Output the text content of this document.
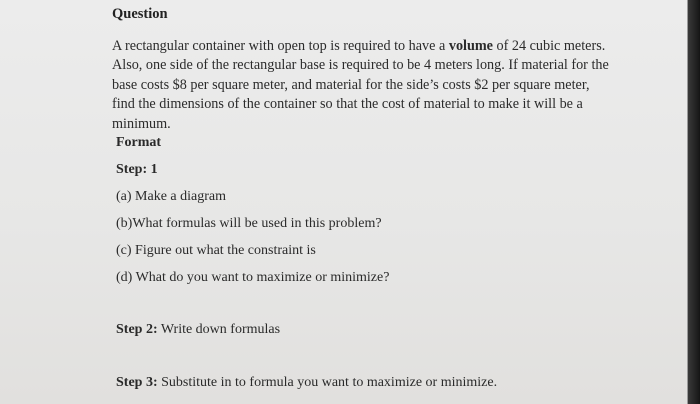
Question

A rectangular container with open top is required to have a volume of 24 cubic meters. Also, one side of the rectangular base is required to be 4 meters long. If material for the base costs $8 per square meter, and material for the side’s costs $2 per square meter, find the dimensions of the container so that the cost of material to make it will be a minimum.

Format

Step: 1

(a) Make a diagram

(b)What formulas will be used in this problem?

(c) Figure out what the constraint is

(d) What do you want to maximize or minimize?

Step 2: Write down formulas

Step 3: Substitute in to formula you want to maximize or minimize.
